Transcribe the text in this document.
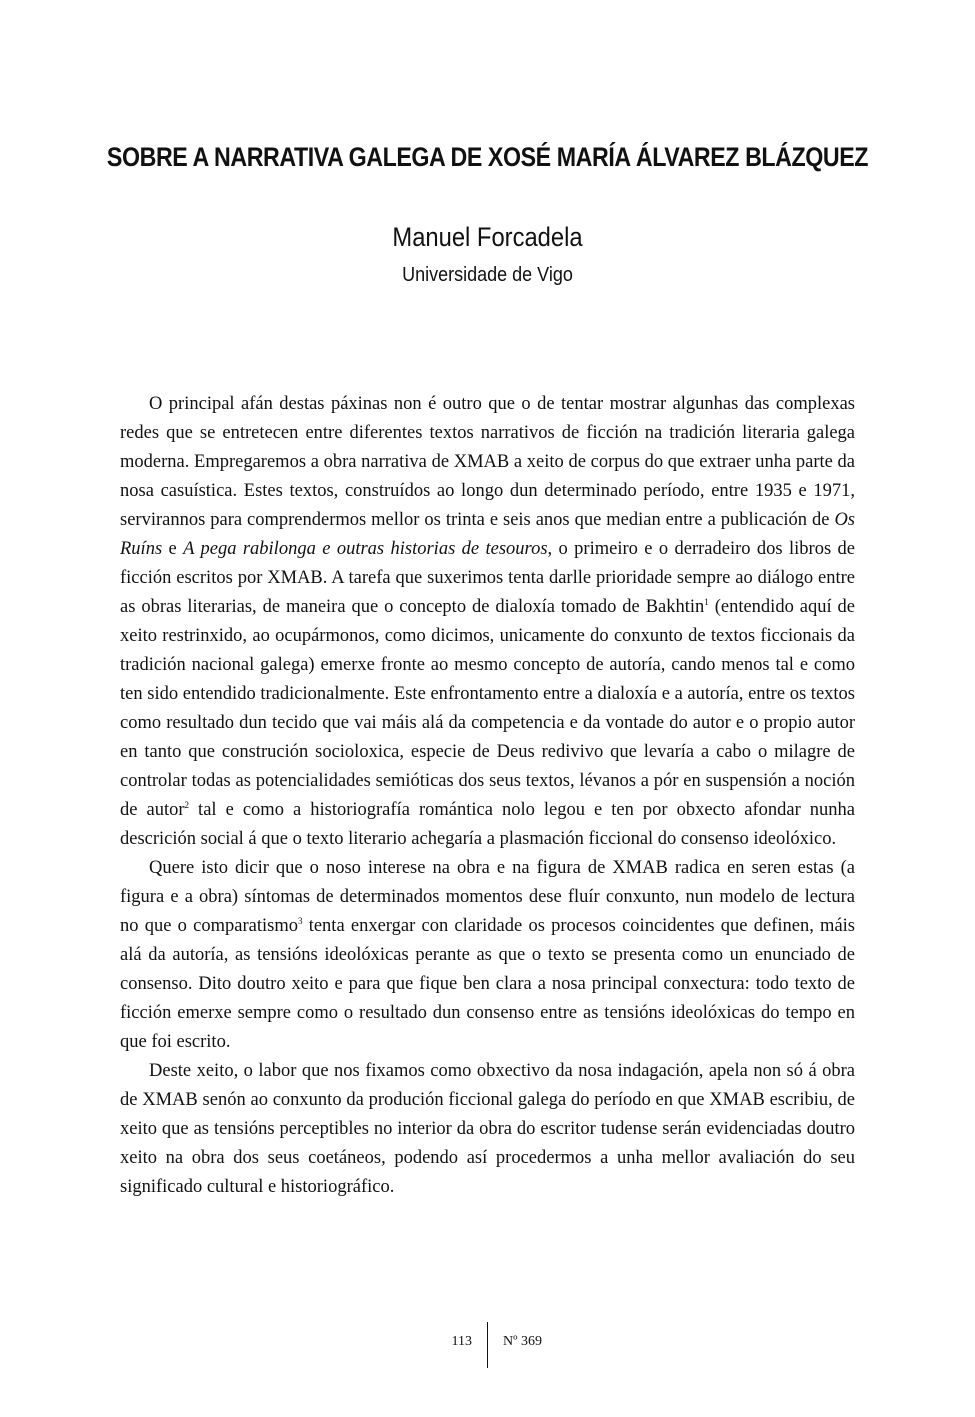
SOBRE A NARRATIVA GALEGA DE XOSÉ MARÍA ÁLVAREZ BLÁZQUEZ
Manuel Forcadela
Universidade de Vigo

O principal afán destas páxinas non é outro que o de tentar mostrar algunhas das complexas redes que se entretecen entre diferentes textos narrativos de ficción na tradición literaria galega moderna. Empregaremos a obra narrativa de XMAB a xeito de corpus do que extraer unha parte da nosa casuística. Estes textos, construídos ao longo dun determinado período, entre 1935 e 1971, servirannos para comprendermos mellor os trinta e seis anos que median entre a publicación de Os Ruíns e A pega rabilonga e outras historias de tesouros, o primeiro e o derradeiro dos libros de ficción escritos por XMAB. A tarefa que suxerimos tenta darlle prioridade sempre ao diálogo entre as obras literarias, de maneira que o concepto de dialoxía tomado de Bakhtin$^1$ (entendido aquí de xeito restrinxido, ao ocupármonos, como dicimos, unicamente do conxunto de textos ficcionais da tradición nacional galega) emerxe fronte ao mesmo concepto de autoría, cando menos tal e como ten sido entendido tradicionalmente. Este enfrontamento entre a dialoxía e a autoría, entre os textos como resultado dun tecido que vai máis alá da competencia e da vontade do autor e o propio autor en tanto que construción socioloxica, especie de Deus redivivo que levaría a cabo o milagre de controlar todas as potencialidades semióticas dos seus textos, lévanos a pór en suspensión a noción de autor$^2$ tal e como a historiografía romántica nolo legou e ten por obxecto afondar nunha descrición social á que o texto literario achegaría a plasmación ficcional do consenso ideolóxico.

Quere isto dicir que o noso interese na obra e na figura de XMAB radica en seren estas (a figura e a obra) síntomas de determinados momentos dese fluír conxunto, nun modelo de lectura no que o comparatismo$^3$ tenta enxergar con claridade os procesos coincidentes que definen, máis alá da autoría, as tensións ideolóxicas perante as que o texto se presenta como un enunciado de consenso. Dito doutro xeito e para que fique ben clara a nosa principal conxectura: todo texto de ficción emerxe sempre como o resultado dun consenso entre as tensións ideolóxicas do tempo en que foi escrito.

Deste xeito, o labor que nos fixamos como obxectivo da nosa indagación, apela non só á obra de XMAB senón ao conxunto da produción ficcional galega do período en que XMAB escribiu, de xeito que as tensións perceptibles no interior da obra do escritor tudense serán evidenciadas doutro xeito na obra dos seus coetáneos, podendo así procedermos a unha mellor avaliación do seu significado cultural e historiográfico.

113 Nº 369
